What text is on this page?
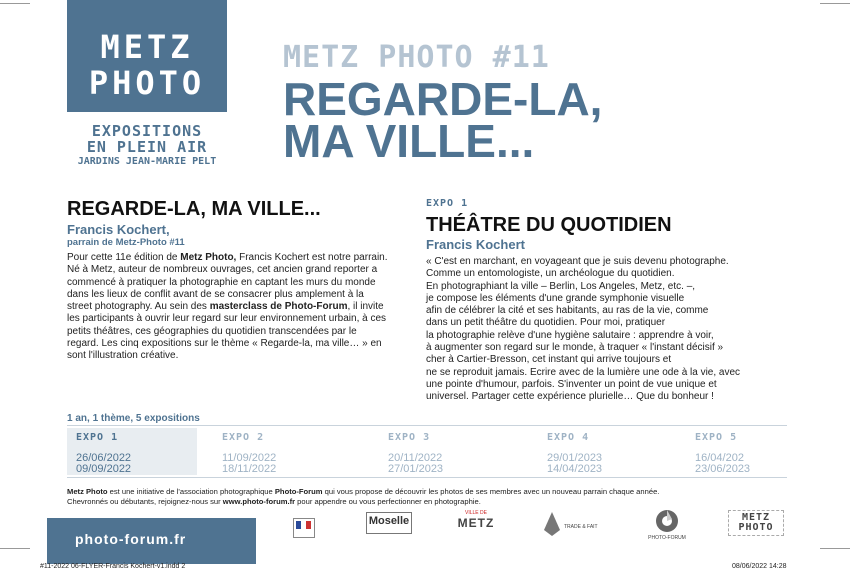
METZ
PHOTO
EXPOSITIONS
EN PLEIN AIR
JARDINS JEAN-MARIE PELT
METZ PHOTO #11
REGARDE-LA,
MA VILLE...
REGARDE-LA, MA VILLE...
Francis Kochert,
parrain de Metz-Photo #11

Pour cette 11e édition de Metz Photo, Francis Kochert est notre parrain. Né à Metz, auteur de nombreux ouvrages, cet ancien grand reporter a commencé à pratiquer la photographie en captant les murs du monde dans les lieux de conflit avant de se consacrer plus amplement à la street photography. Au sein des masterclass de Photo-Forum, il invite les participants à ouvrir leur regard sur leur environnement urbain, à ces petits théâtres, ces géographies du quotidien transcendées par le regard. Les cinq expositions sur le thème « Regarde-la, ma ville… » en sont l'illustration créative.

EXPO 1
THÉÂTRE DU QUOTIDIEN
Francis Kochert
« C'est en marchant, en voyageant que je suis devenu photographe.
Comme un entomologiste, un archéologue du quotidien.
En photographiant la ville – Berlin, Los Angeles, Metz, etc. –,
je compose les éléments d'une grande symphonie visuelle
afin de célébrer la cité et ses habitants, au ras de la vie, comme
dans un petit théâtre du quotidien. Pour moi, pratiquer
la photographie relève d'une hygiène salutaire : apprendre à voir,
à augmenter son regard sur le monde, à traquer « l'instant décisif »
cher à Cartier-Bresson, cet instant qui arrive toujours et
ne se reproduit jamais. Ecrire avec de la lumière une ode à la vie, avec
une pointe d'humour, parfois. S'inventer un point de vue unique et
universel. Partager cette expérience plurielle… Que du bonheur !
1 an, 1 thème, 5 expositions
EXPO 1
26/06/2022
09/09/2022
EXPO 2
11/09/2022
18/11/2022
EXPO 3
20/11/2022
27/01/2023
EXPO 4
29/01/2023
14/04/2023
EXPO 5
16/04/202
23/06/2023
Metz Photo est une initiative de l'association photographique Photo-Forum qui vous propose de découvrir les photos de ses membres avec un nouveau parrain chaque année.
Chevronnés ou débutants, rejoignez-nous sur www.photo-forum.fr pour appendre ou vous perfectionner en photographie.
photo-forum.fr
Moselle
VILLE DE
METZ	TRADE & FAIT
PHOTO-FORUM
METZ
PHOTO
#11-2022 06-FLYER-Francis Kochert-v1.indd 2	08/06/2022 14:28
